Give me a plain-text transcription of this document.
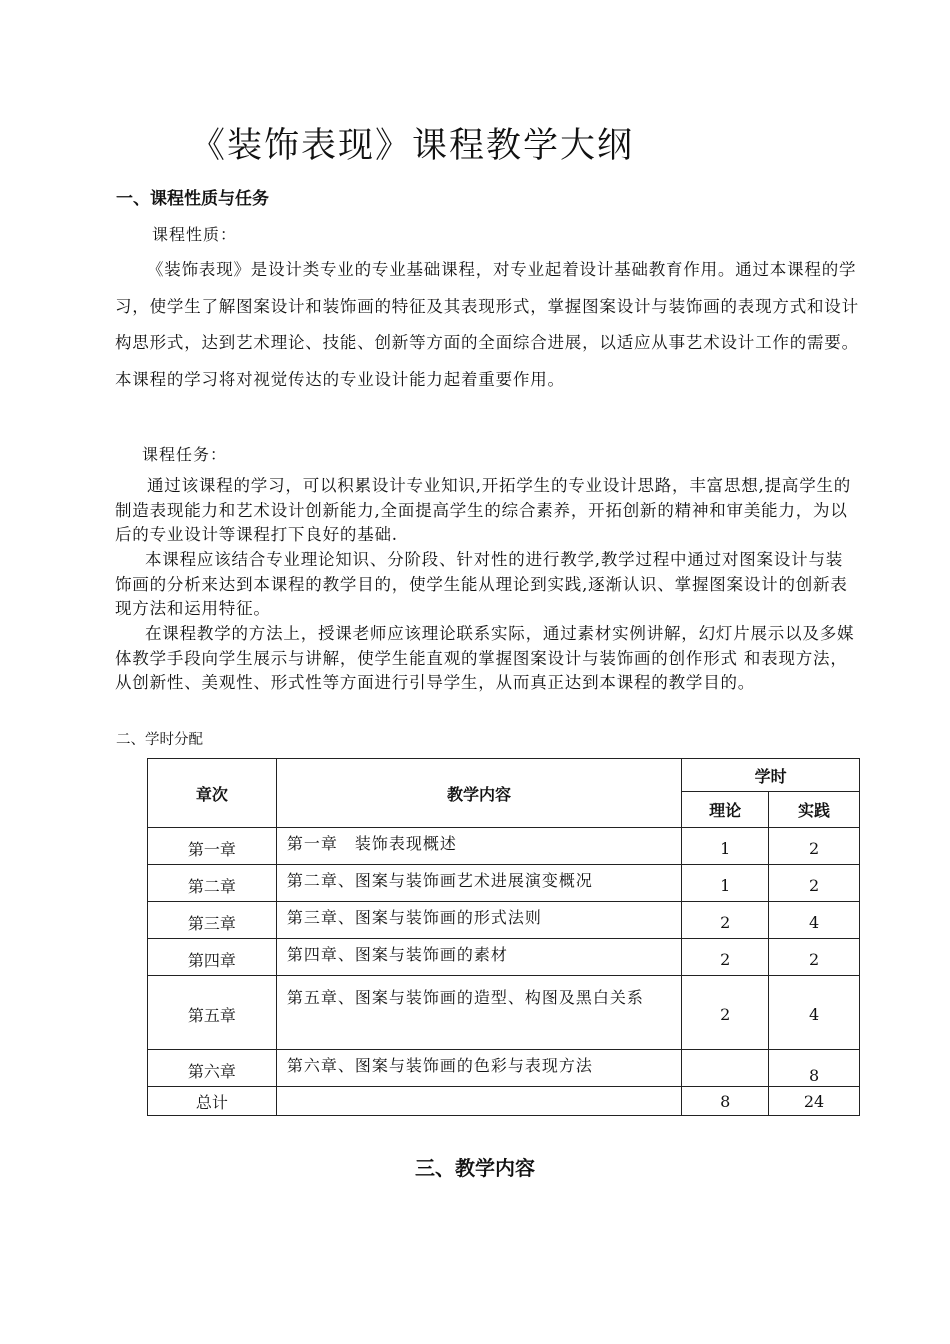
《装饰表现》课程教学大纲
一、课程性质与任务
课程性质：

《装饰表现》是设计类专业的专业基础课程，对专业起着设计基础教育作用。通过本课程的学习，使学生了解图案设计和装饰画的特征及其表现形式，掌握图案设计与装饰画的表现方式和设计构思形式，达到艺术理论、技能、创新等方面的全面综合进展，以适应从事艺术设计工作的需要。本课程的学习将对视觉传达的专业设计能力起着重要作用。

课程任务：

通过该课程的学习，可以积累设计专业知识,开拓学生的专业设计思路，丰富思想,提高学生的制造表现能力和艺术设计创新能力,全面提高学生的综合素养，开拓创新的精神和审美能力，为以后的专业设计等课程打下良好的基础.

本课程应该结合专业理论知识、分阶段、针对性的进行教学,教学过程中通过对图案设计与装饰画的分析来达到本课程的教学目的，使学生能从理论到实践,逐渐认识、掌握图案设计的创新表现方法和运用特征。

在课程教学的方法上，授课老师应该理论联系实际，通过素材实例讲解，幻灯片展示以及多媒体教学手段向学生展示与讲解，使学生能直观的掌握图案设计与装饰画的创作形式 和表现方法，从创新性、美观性、形式性等方面进行引导学生，从而真正达到本课程的教学目的。

二、学时分配
章次	教学内容	学时	
		理论	实践
第一章	第一章　装饰表现概述	1	2
第二章	第二章、图案与装饰画艺术进展演变概况	1	2
第三章	第三章、图案与装饰画的形式法则	2	4
第四章	第四章、图案与装饰画的素材	2	2
第五章	第五章、图案与装饰画的造型、构图及黑白关系	2	4
第六章	第六章、图案与装饰画的色彩与表现方法		8
总计		8	24
三、教学内容
